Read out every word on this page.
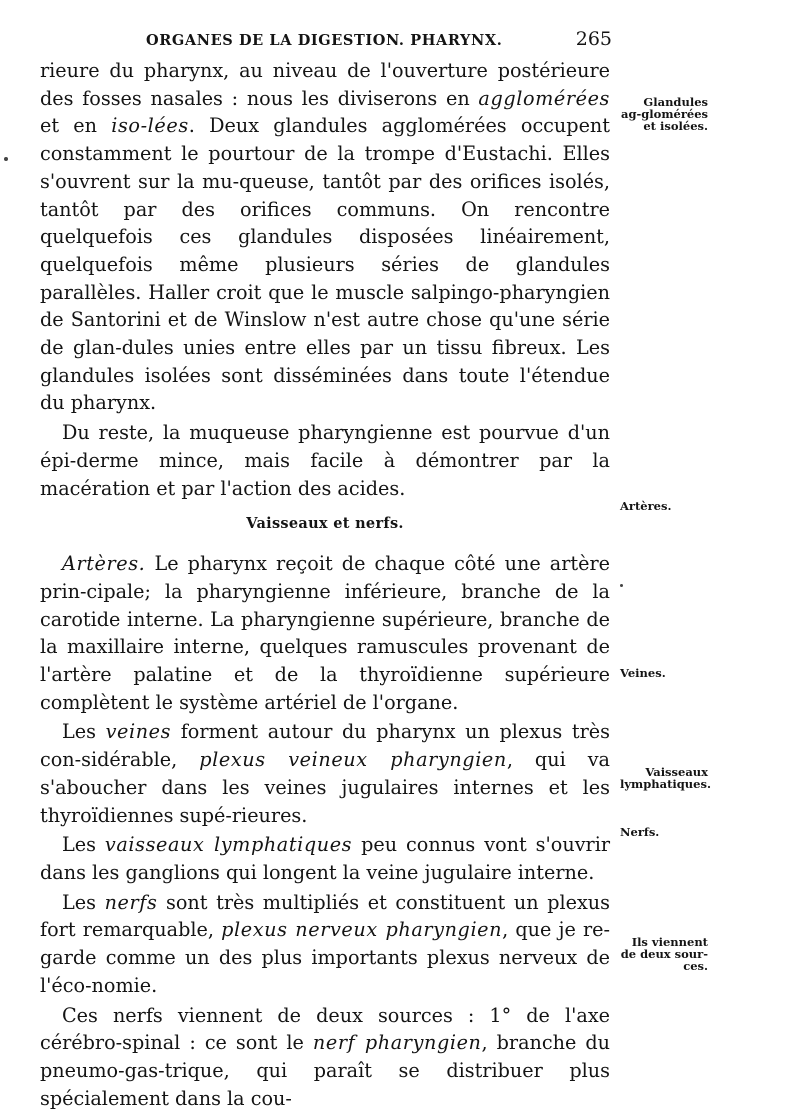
ORGANES DE LA DIGESTION. PHARYNX.	265

rieure du pharynx, au niveau de l'ouverture postérieure des fosses nasales : nous les diviserons en agglomérées et en iso-lées. Deux glandules agglomérées occupent constamment le pourtour de la trompe d'Eustachi. Elles s'ouvrent sur la mu-queuse, tantôt par des orifices isolés, tantôt par des orifices communs. On rencontre quelquefois ces glandules disposées linéairement, quelquefois même plusieurs séries de glandules parallèles. Haller croit que le muscle salpingo-pharyngien de Santorini et de Winslow n'est autre chose qu'une série de glan-dules unies entre elles par un tissu fibreux. Les glandules isolées sont disséminées dans toute l'étendue du pharynx.

Du reste, la muqueuse pharyngienne est pourvue d'un épi-derme mince, mais facile à démontrer par la macération et par l'action des acides.

Vaisseaux et nerfs.

Artères. Le pharynx reçoit de chaque côté une artère prin-cipale; la pharyngienne inférieure, branche de la carotide interne. La pharyngienne supérieure, branche de la maxillaire interne, quelques ramuscules provenant de l'artère palatine et de la thyroïdienne supérieure complètent le système artériel de l'organe.

Les veines forment autour du pharynx un plexus très con-sidérable, plexus veineux pharyngien, qui va s'aboucher dans les veines jugulaires internes et les thyroïdiennes supé-rieures.

Les vaisseaux lymphatiques peu connus vont s'ouvrir dans les ganglions qui longent la veine jugulaire interne.

Les nerfs sont très multipliés et constituent un plexus fort remarquable, plexus nerveux pharyngien, que je re-garde comme un des plus importants plexus nerveux de l'éco-nomie.

Ces nerfs viennent de deux sources : 1° de l'axe cérébro-spinal : ce sont le nerf pharyngien, branche du pneumo-gas-trique, qui paraît se distribuer plus spécialement dans la cou-

Glandules ag-glomérées et isolées.
Artères.
Veines.
Vaisseaux lymphatiques.
Nerfs.
Ils viennent de deux sour-ces.
